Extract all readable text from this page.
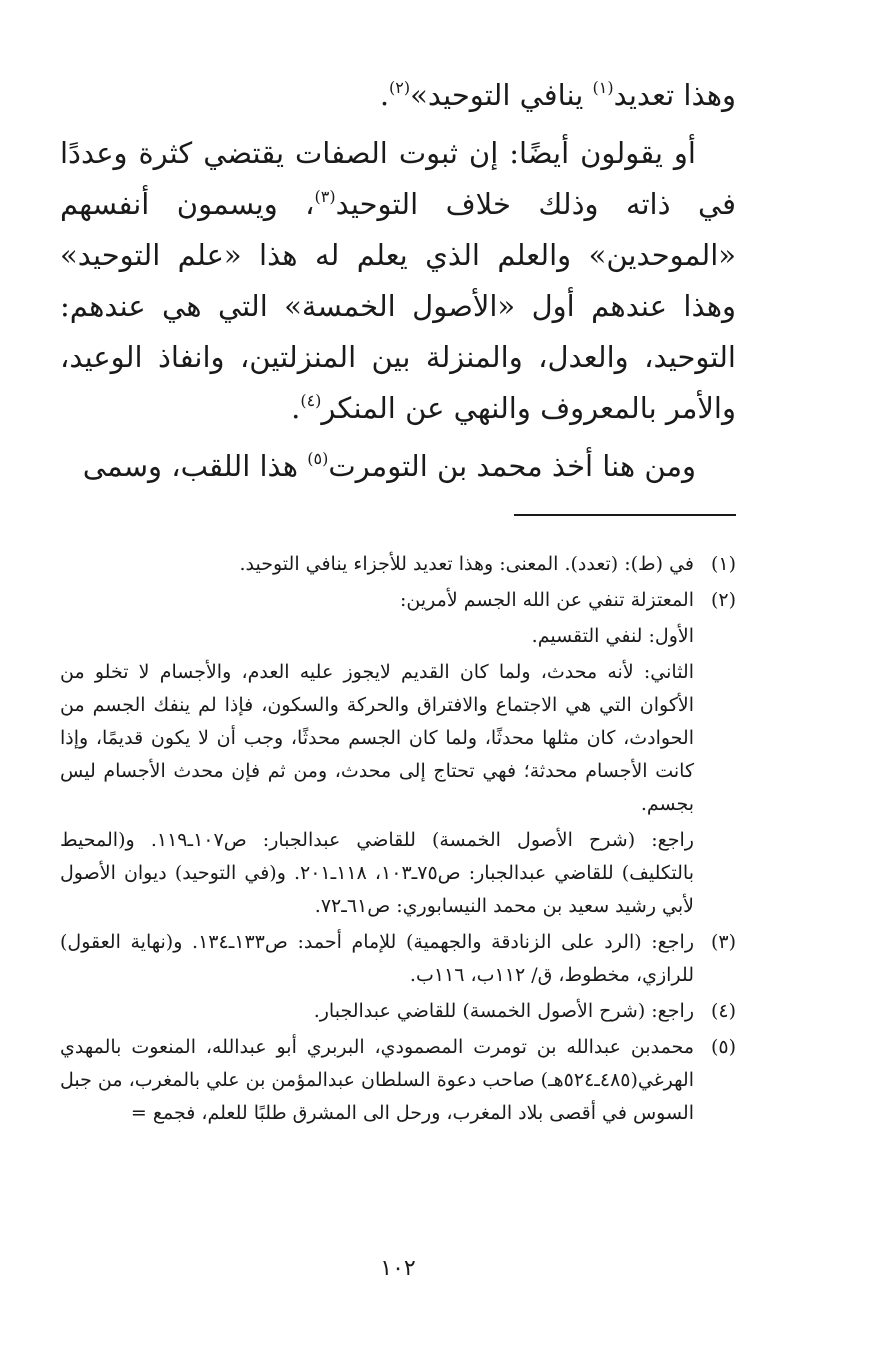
وهذا تعديد$^{(١)}$ ينافي التوحيد»$^{(٢)}$.

أو يقولون أيضًا: إن ثبوت الصفات يقتضي كثرة وعددًا في ذاته وذلك خلاف التوحيد$^{(٣)}$، ويسمون أنفسهم «الموحدين» والعلم الذي يعلم له هذا «علم التوحيد» وهذا عندهم أول «الأصول الخمسة» التي هي عندهم: التوحيد، والعدل، والمنزلة بين المنزلتين، وانفاذ الوعيد، والأمر بالمعروف والنهي عن المنكر$^{(٤)}$.

ومن هنا أخذ محمد بن التومرت$^{(٥)}$ هذا اللقب، وسمى

(١)

في (ط): (تعدد). المعنى: وهذا تعديد للأجزاء ينافي التوحيد.

(٢)

المعتزلة تنفي عن الله الجسم لأمرين:

الأول: لنفي التقسيم.

الثاني: لأنه محدث، ولما كان القديم لايجوز عليه العدم، والأجسام لا تخلو من الأكوان التي هي الاجتماع والافتراق والحركة والسكون، فإذا لم ينفك الجسم من الحوادث، كان مثلها محدثًا، ولما كان الجسم محدثًا، وجب أن لا يكون قديمًا، وإذا كانت الأجسام محدثة؛ فهي تحتاج إلى محدث، ومن ثم فإن محدث الأجسام ليس بجسم.

راجع: (شرح الأصول الخمسة) للقاضي عبدالجبار: ص١٠٧ـ١١٩. و(المحيط بالتكليف) للقاضي عبدالجبار: ص٧٥ـ١٠٣، ١١٨ـ٢٠١. و(في التوحيد) ديوان الأصول لأبي رشيد سعيد بن محمد النيسابوري: ص٦١ـ٧٢.

(٣)

راجع: (الرد على الزنادقة والجهمية) للإمام أحمد: ص١٣٣ـ١٣٤. و(نهاية العقول) للرازي، مخطوط، ق/ ١١٢ب، ١١٦ب.

(٤)

راجع: (شرح الأصول الخمسة) للقاضي عبدالجبار.

(٥)

محمدبن عبدالله بن تومرت المصمودي، البربري أبو عبدالله، المنعوت بالمهدي الهرغي(٤٨٥ـ٥٢٤هـ) صاحب دعوة السلطان عبدالمؤمن بن علي بالمغرب، من جبل السوس في أقصى بلاد المغرب، ورحل الى المشرق طلبًا للعلم، فجمع =

١٠٢
